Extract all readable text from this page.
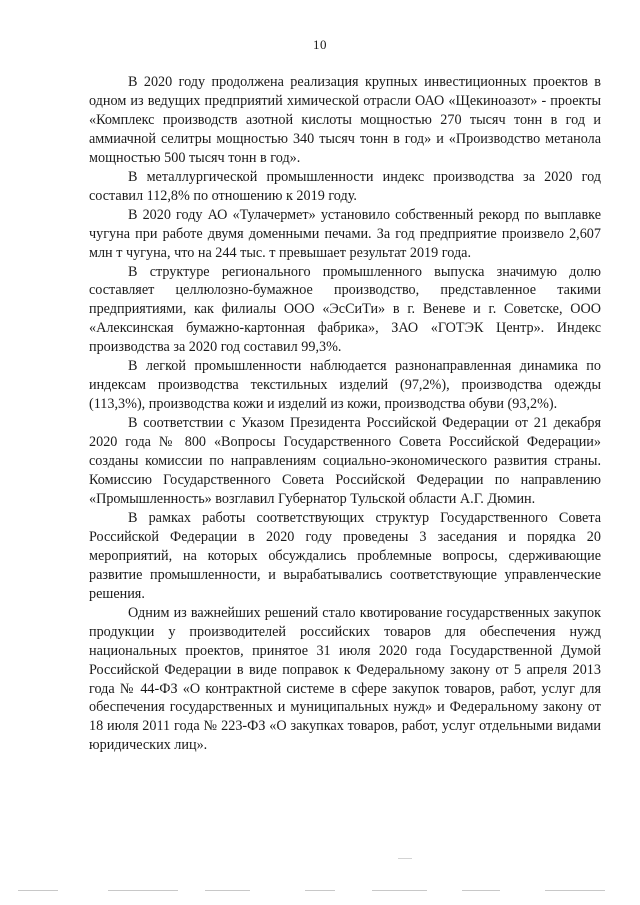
10

В 2020 году продолжена реализация крупных инвестиционных проектов в одном из ведущих предприятий химической отрасли ОАО «Щекиноазот» - проекты «Комплекс производств азотной кислоты мощностью 270 тысяч тонн в год и аммиачной селитры мощностью 340 тысяч тонн в год» и «Производство метанола мощностью 500 тысяч тонн в год».

В металлургической промышленности индекс производства за 2020 год составил 112,8% по отношению к 2019 году.

В 2020 году АО «Тулачермет» установило собственный рекорд по выплавке чугуна при работе двумя доменными печами. За год предприятие произвело 2,607 млн т чугуна, что на 244 тыс. т превышает результат 2019 года.

В структуре регионального промышленного выпуска значимую долю составляет целлюлозно-бумажное производство, представленное такими предприятиями, как филиалы ООО «ЭсСиТи» в г. Веневе и г. Советске, ООО «Алексинская бумажно-картонная фабрика», ЗАО «ГОТЭК Центр». Индекс производства за 2020 год составил 99,3%.

В легкой промышленности наблюдается разнонаправленная динамика по индексам производства текстильных изделий (97,2%), производства одежды (113,3%), производства кожи и изделий из кожи, производства обуви (93,2%).

В соответствии с Указом Президента Российской Федерации от 21 декабря 2020 года № 800 «Вопросы Государственного Совета Российской Федерации» созданы комиссии по направлениям социально-экономического развития страны. Комиссию Государственного Совета Российской Федерации по направлению «Промышленность» возглавил Губернатор Тульской области А.Г. Дюмин.

В рамках работы соответствующих структур Государственного Совета Российской Федерации в 2020 году проведены 3 заседания и порядка 20 мероприятий, на которых обсуждались проблемные вопросы, сдерживающие развитие промышленности, и вырабатывались соответствующие управленческие решения.

Одним из важнейших решений стало квотирование государственных закупок продукции у производителей российских товаров для обеспечения нужд национальных проектов, принятое 31 июля 2020 года Государственной Думой Российской Федерации в виде поправок к Федеральному закону от 5 апреля 2013 года № 44-ФЗ «О контрактной системе в сфере закупок товаров, работ, услуг для обеспечения государственных и муниципальных нужд» и Федеральному закону от 18 июля 2011 года № 223-ФЗ «О закупках товаров, работ, услуг отдельными видами юридических лиц».
